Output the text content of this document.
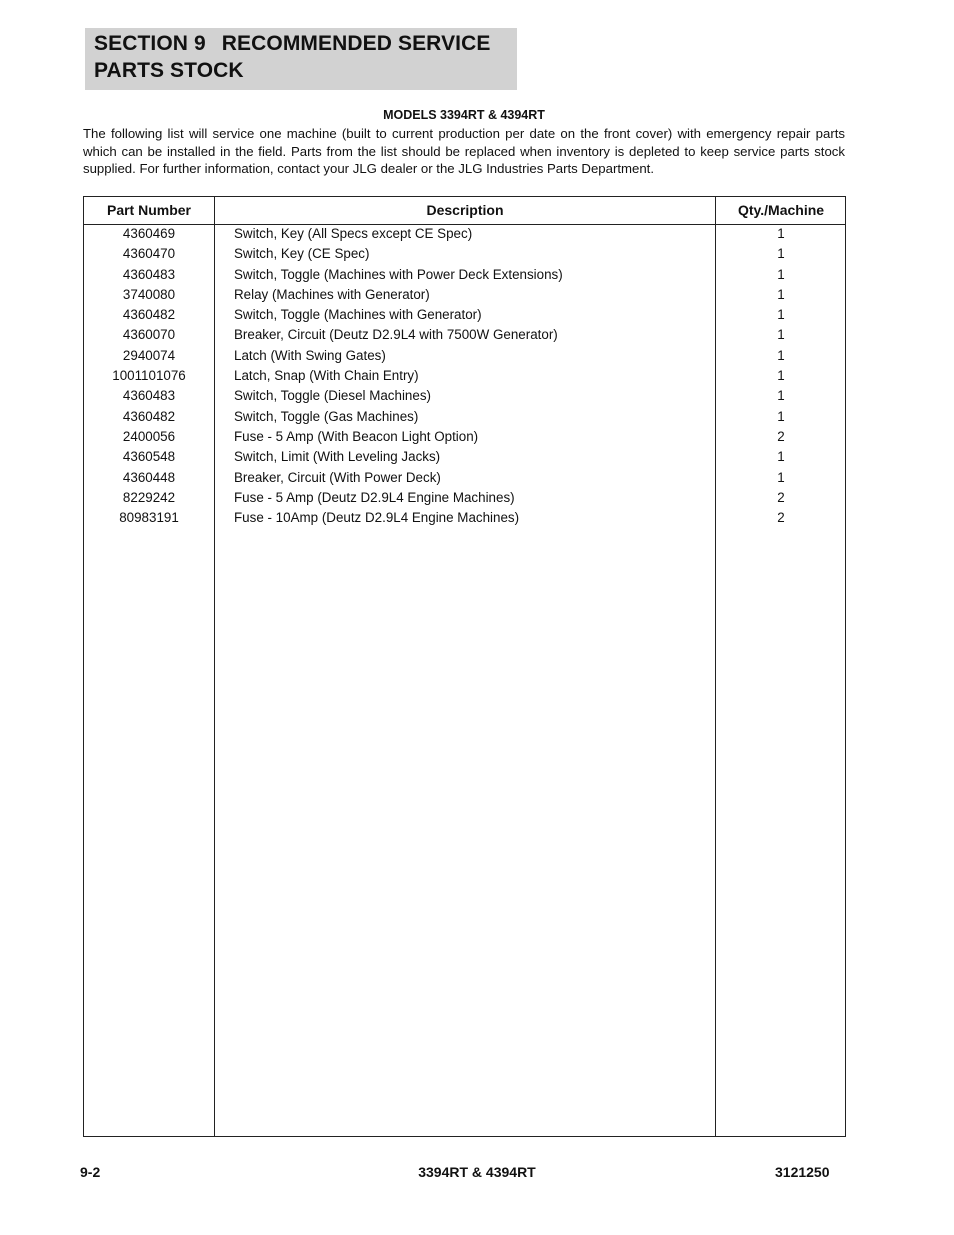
SECTION 9 RECOMMENDED SERVICE
PARTS STOCK
MODELS 3394RT & 4394RT

The following list will service one machine (built to current production per date on the front cover) with emergency repair parts which can be installed in the field. Parts from the list should be replaced when inventory is depleted to keep service parts stock supplied. For further information, contact your JLG dealer or the JLG Industries Parts Department.

Part Number	Description	Qty./Machine
4360469	Switch, Key (All Specs except CE Spec)	1
4360470	Switch, Key (CE Spec)	1
4360483	Switch, Toggle (Machines with Power Deck Extensions)	1
3740080	Relay (Machines with Generator)	1
4360482	Switch, Toggle (Machines with Generator)	1
4360070	Breaker, Circuit (Deutz D2.9L4 with 7500W Generator)	1
2940074	Latch (With Swing Gates)	1
1001101076	Latch, Snap (With Chain Entry)	1
4360483	Switch, Toggle (Diesel Machines)	1
4360482	Switch, Toggle (Gas Machines)	1
2400056	Fuse - 5 Amp (With Beacon Light Option)	2
4360548	Switch, Limit (With Leveling Jacks)	1
4360448	Breaker, Circuit (With Power Deck)	1
8229242	Fuse - 5 Amp (Deutz D2.9L4 Engine Machines)	2
80983191	Fuse - 10Amp (Deutz D2.9L4 Engine Machines)	2
9-2	3394RT & 4394RT	3121250
